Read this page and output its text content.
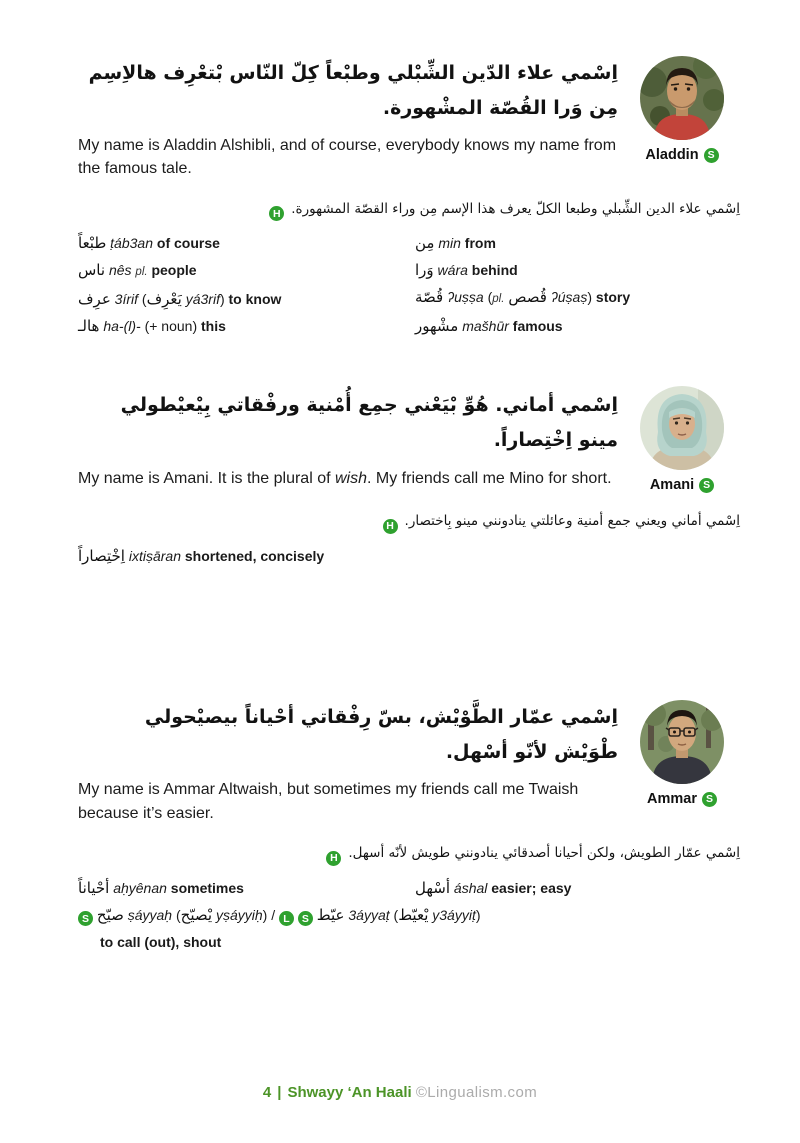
اِسْمي علاء الدّين الشِّبْلي وطبْعاً كِلّ النّاس بْتعْرِف هالاِسِم مِن وَرا القُصّة المشْهورة.
Aladdin S

My name is Aladdin Alshibli, and of course, everybody knows my name from the famous tale.

اِسْمي علاء الدين الشِّبلي وطبعا الكلّ يعرف هذا الإسم مِن وراء القصّة المشهورة.H
طبْعاً ṭáb3an of course
ناس nês pl. people
عرِف 3írif (يَعْرِف yá3rif) to know
هالـ ha-(l)- (+ noun) this
مِن min from
وَرا wára behind
قُصّة ʔuṣṣa (pl. قُصص ʔúṣaṣ) story
مشْهور mašhūr famous
اِسْمي أماني. هُوِّ بْيَعْني جمِع أُمْنية ورفْقاتي بِيْعيْطولي مينو اِخْتِصاراً.
Amani S

My name is Amani. It is the plural of wish. My friends call me Mino for short.

اِسْمي أماني ويعني جمع أمنية وعائلتي ينادونني مينو بِاختصار.H
اِخْتِصاراً ixtiṣāran shortened, concisely
اِسْمي عمّار الطَّوْيْش، بسّ رِفْقاتي أحْياناً بيصيْحولي طْوَيْش لأنّو أسْهل.
Ammar S

My name is Ammar Altwaish, but sometimes my friends call me Twaish because it’s easier.

اِسْمي عمّار الطويش، ولكن أحيانا أصدقائي ينادونني طويش لأنّه أسهل.H
أحْياناً aḥyênan sometimes	أسْهل áshal easier; easy
S صيّح ṣáyyaḥ (يْصيّح yṣáyyiḥ) / L S عيّط 3áyyaṭ (يْعيّط y3áyyiṭ)
to call (out), shout
4 | Shwayy ‘An Haali ©Lingualism.com
